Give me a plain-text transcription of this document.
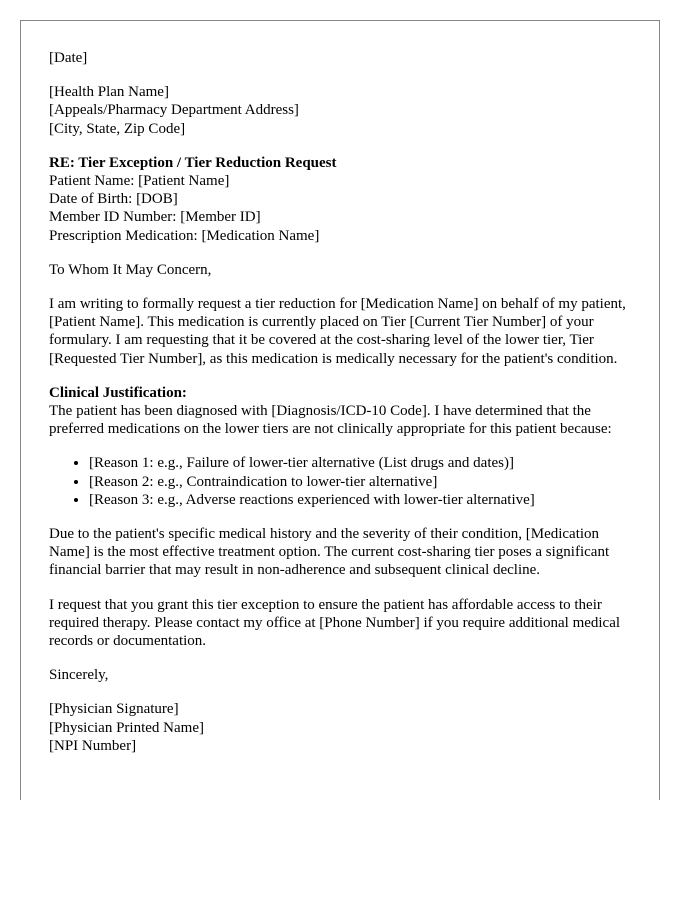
[Date]

[Health Plan Name]
[Appeals/Pharmacy Department Address]
[City, State, Zip Code]

RE: Tier Exception / Tier Reduction Request
Patient Name: [Patient Name]
Date of Birth: [DOB]
Member ID Number: [Member ID]
Prescription Medication: [Medication Name]

To Whom It May Concern,

I am writing to formally request a tier reduction for [Medication Name] on behalf of my patient, [Patient Name]. This medication is currently placed on Tier [Current Tier Number] of your formulary. I am requesting that it be covered at the cost-sharing level of the lower tier, Tier [Requested Tier Number], as this medication is medically necessary for the patient's condition.

Clinical Justification:
The patient has been diagnosed with [Diagnosis/ICD-10 Code]. I have determined that the preferred medications on the lower tiers are not clinically appropriate for this patient because:

• [Reason 1: e.g., Failure of lower-tier alternative (List drugs and dates)]
• [Reason 2: e.g., Contraindication to lower-tier alternative]
• [Reason 3: e.g., Adverse reactions experienced with lower-tier alternative]

Due to the patient's specific medical history and the severity of their condition, [Medication Name] is the most effective treatment option. The current cost-sharing tier poses a significant financial barrier that may result in non-adherence and subsequent clinical decline.

I request that you grant this tier exception to ensure the patient has affordable access to their required therapy. Please contact my office at [Phone Number] if you require additional medical records or documentation.

Sincerely,

[Physician Signature]
[Physician Printed Name]
[NPI Number]
